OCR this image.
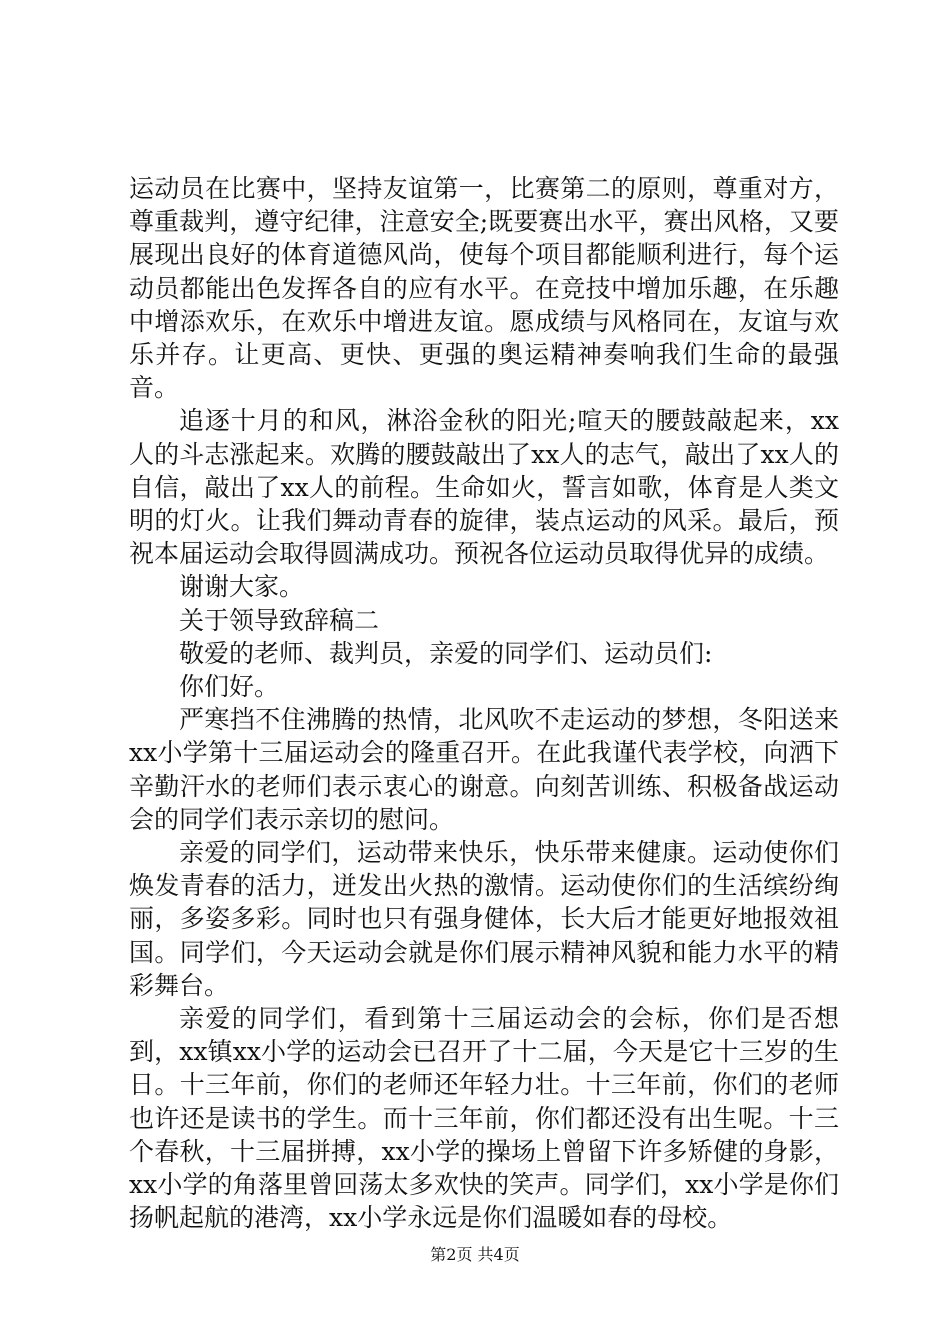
运动员在比赛中，坚持友谊第一，比赛第二的原则，尊重对方，尊重裁判，遵守纪律，注意安全;既要赛出水平，赛出风格，又要展现出良好的体育道德风尚，使每个项目都能顺利进行，每个运动员都能出色发挥各自的应有水平。在竞技中增加乐趣，在乐趣中增添欢乐，在欢乐中增进友谊。愿成绩与风格同在，友谊与欢乐并存。让更高、更快、更强的奥运精神奏响我们生命的最强音。

追逐十月的和风，淋浴金秋的阳光;喧天的腰鼓敲起来，xx人的斗志涨起来。欢腾的腰鼓敲出了xx人的志气，敲出了xx人的自信，敲出了xx人的前程。生命如火，誓言如歌，体育是人类文明的灯火。让我们舞动青春的旋律，装点运动的风采。最后，预祝本届运动会取得圆满成功。预祝各位运动员取得优异的成绩。

谢谢大家。

关于领导致辞稿二

敬爱的老师、裁判员，亲爱的同学们、运动员们:

你们好。

严寒挡不住沸腾的热情，北风吹不走运动的梦想，冬阳送来xx小学第十三届运动会的隆重召开。在此我谨代表学校，向洒下辛勤汗水的老师们表示衷心的谢意。向刻苦训练、积极备战运动会的同学们表示亲切的慰问。

亲爱的同学们，运动带来快乐，快乐带来健康。运动使你们焕发青春的活力，迸发出火热的激情。运动使你们的生活缤纷绚丽，多姿多彩。同时也只有强身健体，长大后才能更好地报效祖国。同学们，今天运动会就是你们展示精神风貌和能力水平的精彩舞台。

亲爱的同学们，看到第十三届运动会的会标，你们是否想到，xx镇xx小学的运动会已召开了十二届，今天是它十三岁的生日。十三年前，你们的老师还年轻力壮。十三年前，你们的老师也许还是读书的学生。而十三年前，你们都还没有出生呢。十三个春秋，十三届拼搏，xx小学的操场上曾留下许多矫健的身影，xx小学的角落里曾回荡太多欢快的笑声。同学们，xx小学是你们扬帆起航的港湾，xx小学永远是你们温暖如春的母校。

第2页 共4页
